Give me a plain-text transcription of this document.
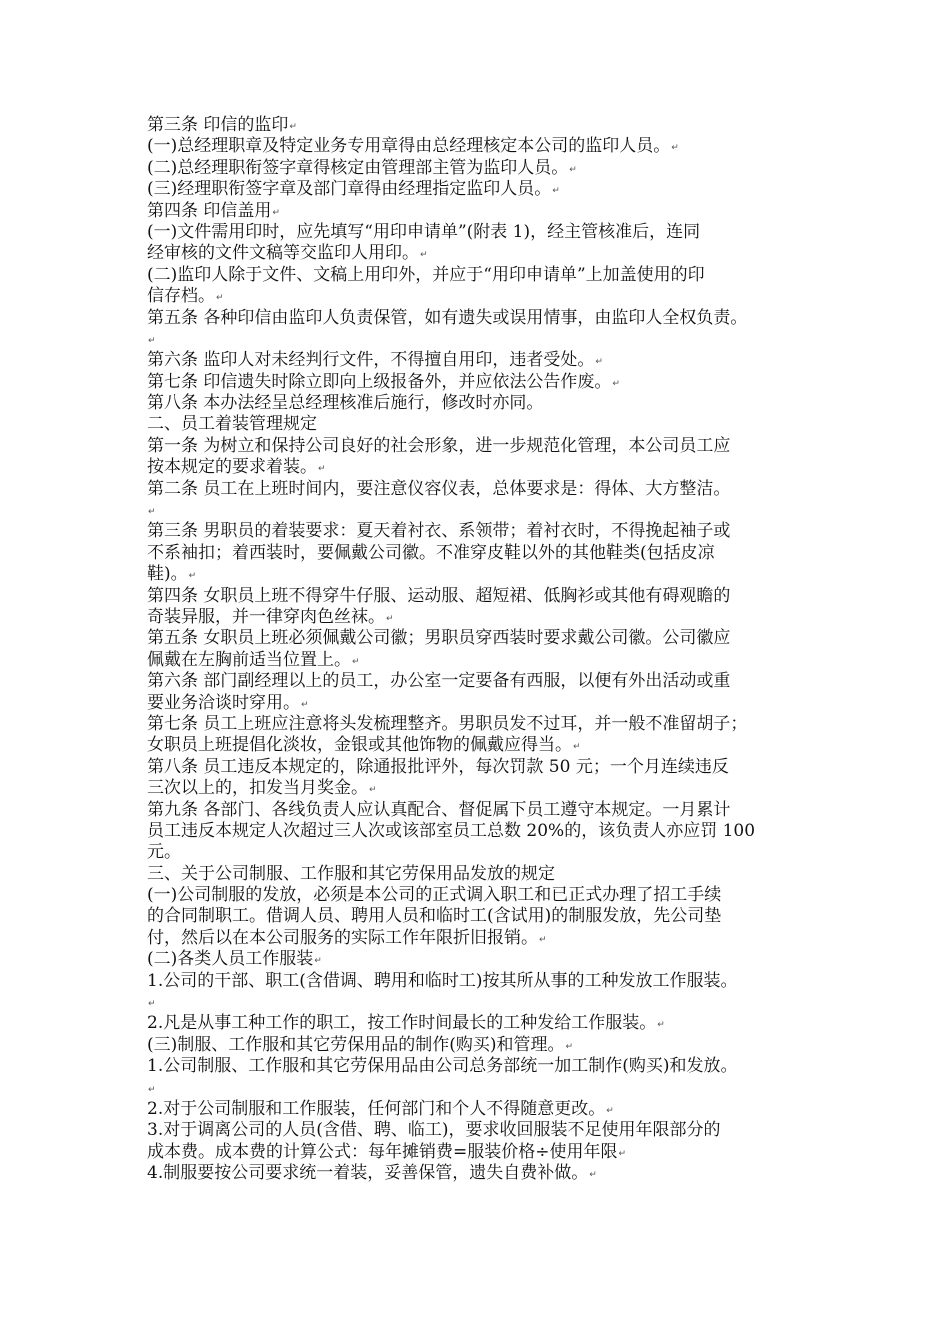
第三条 印信的监印↵
(一)总经理职章及特定业务专用章得由总经理核定本公司的监印人员。↵
(二)总经理职衔签字章得核定由管理部主管为监印人员。↵
(三)经理职衔签字章及部门章得由经理指定监印人员。↵
第四条 印信盖用↵
(一)文件需用印时，应先填写“用印申请单”(附表 1)，经主管核准后，连同
经审核的文件文稿等交监印人用印。↵
(二)监印人除于文件、文稿上用印外，并应于“用印申请单”上加盖使用的印
信存档。↵
第五条 各种印信由监印人负责保管，如有遗失或误用情事，由监印人全权负责。
↵
第六条 监印人对未经判行文件，不得擅自用印，违者受处。↵
第七条 印信遗失时除立即向上级报备外，并应依法公告作废。↵
第八条 本办法经呈总经理核准后施行，修改时亦同。
二、员工着装管理规定
第一条 为树立和保持公司良好的社会形象，进一步规范化管理，本公司员工应
按本规定的要求着装。↵
第二条 员工在上班时间内，要注意仪容仪表，总体要求是：得体、大方整洁。
↵
第三条 男职员的着装要求：夏天着衬衣、系领带；着衬衣时，不得挽起袖子或
不系袖扣；着西装时，要佩戴公司徽。不准穿皮鞋以外的其他鞋类(包括皮凉
鞋)。↵
第四条 女职员上班不得穿牛仔服、运动服、超短裙、低胸衫或其他有碍观瞻的
奇装异服，并一律穿肉色丝袜。↵
第五条 女职员上班必须佩戴公司徽；男职员穿西装时要求戴公司徽。公司徽应
佩戴在左胸前适当位置上。↵
第六条 部门副经理以上的员工，办公室一定要备有西服，以便有外出活动或重
要业务洽谈时穿用。↵
第七条 员工上班应注意将头发梳理整齐。男职员发不过耳，并一般不准留胡子；
女职员上班提倡化淡妆，金银或其他饰物的佩戴应得当。↵
第八条 员工违反本规定的，除通报批评外，每次罚款 50 元；一个月连续违反
三次以上的，扣发当月奖金。↵
第九条 各部门、各线负责人应认真配合、督促属下员工遵守本规定。一月累计
员工违反本规定人次超过三人次或该部室员工总数 20%的，该负责人亦应罚 100
元。
三、关于公司制服、工作服和其它劳保用品发放的规定
(一)公司制服的发放，必须是本公司的正式调入职工和已正式办理了招工手续
的合同制职工。借调人员、聘用人员和临时工(含试用)的制服发放，先公司垫
付，然后以在本公司服务的实际工作年限折旧报销。↵
(二)各类人员工作服装↵
1.公司的干部、职工(含借调、聘用和临时工)按其所从事的工种发放工作服装。
↵
2.凡是从事工种工作的职工，按工作时间最长的工种发给工作服装。↵
(三)制服、工作服和其它劳保用品的制作(购买)和管理。↵
1.公司制服、工作服和其它劳保用品由公司总务部统一加工制作(购买)和发放。
↵
2.对于公司制服和工作服装，任何部门和个人不得随意更改。↵
3.对于调离公司的人员(含借、聘、临工)，要求收回服装不足使用年限部分的
成本费。成本费的计算公式：每年摊销费=服装价格÷使用年限↵
4.制服要按公司要求统一着装，妥善保管，遗失自费补做。↵
